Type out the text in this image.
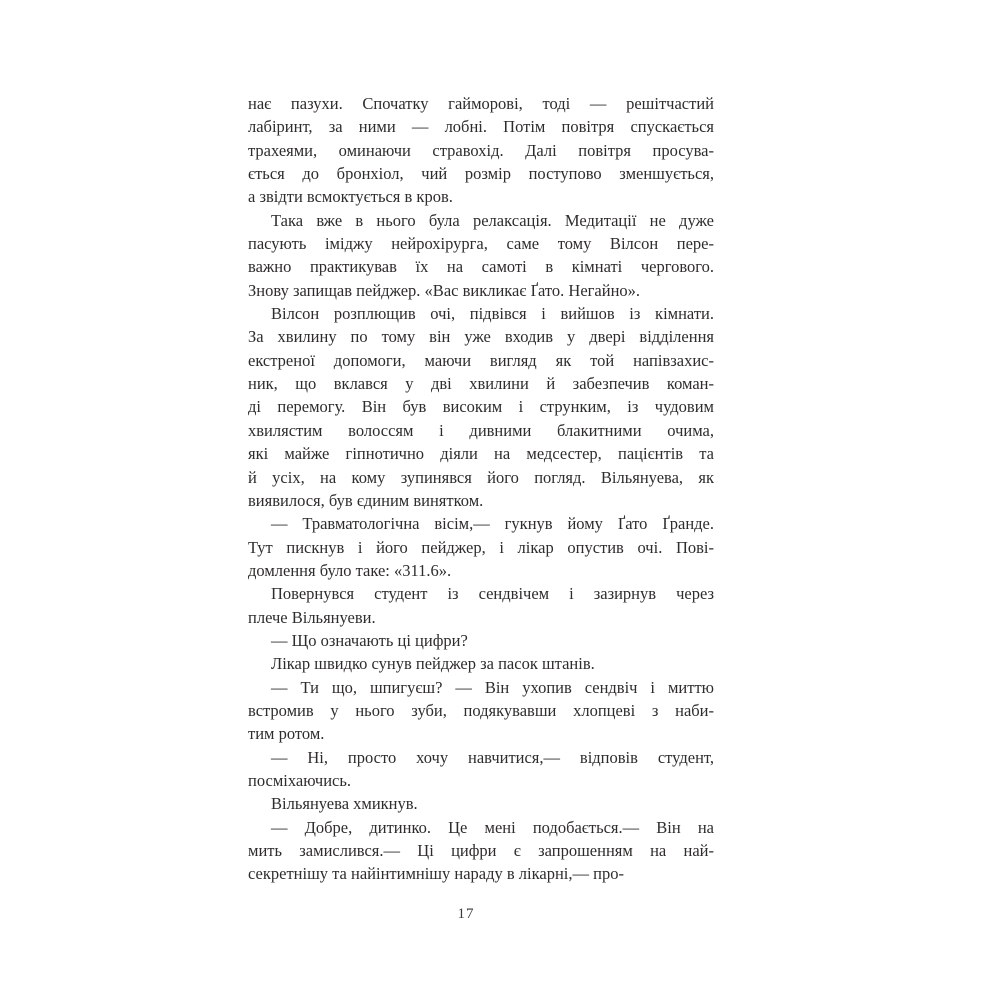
нає пазухи. Спочатку гайморові, тоді — решітчастий
лабіринт, за ними — лобні. Потім повітря спускається
трахеями, оминаючи стравохід. Далі повітря просува-
ється до бронхіол, чий розмір поступово зменшується,
а звідти всмоктується в кров.
Така вже в нього була релаксація. Медитації не дуже
пасують іміджу нейрохірурга, саме тому Вілсон пере-
важно практикував їх на самоті в кімнаті чергового.
Знову запищав пейджер. «Вас викликає Ґато. Негайно».
Вілсон розплющив очі, підвівся і вийшов із кімнати.
За хвилину по тому він уже входив у двері відділення
екстреної допомоги, маючи вигляд як той напівзахис-
ник, що вклався у дві хвилини й забезпечив коман-
ді перемогу. Він був високим і струнким, із чудовим
хвилястим волоссям і дивними блакитними очима,
які майже гіпнотично діяли на медсестер, пацієнтів та
й усіх, на кому зупинявся його погляд. Вільянуева, як
виявилося, був єдиним винятком.
— Травматологічна вісім,— гукнув йому Ґато Ґранде.
Тут пискнув і його пейджер, і лікар опустив очі. Пові-
домлення було таке: «311.6».
Повернувся студент із сендвічем і зазирнув через
плече Вільянуеви.
— Що означають ці цифри?
Лікар швидко сунув пейджер за пасок штанів.
— Ти що, шпигуєш? — Він ухопив сендвіч і миттю
встромив у нього зуби, подякувавши хлопцеві з наби-
тим ротом.
— Ні, просто хочу навчитися,— відповів студент,
посміхаючись.
Вільянуева хмикнув.
— Добре, дитинко. Це мені подобається.— Він на
мить замислився.— Ці цифри є запрошенням на най-
секретнішу та найінтимнішу нараду в лікарні,— про-
17
